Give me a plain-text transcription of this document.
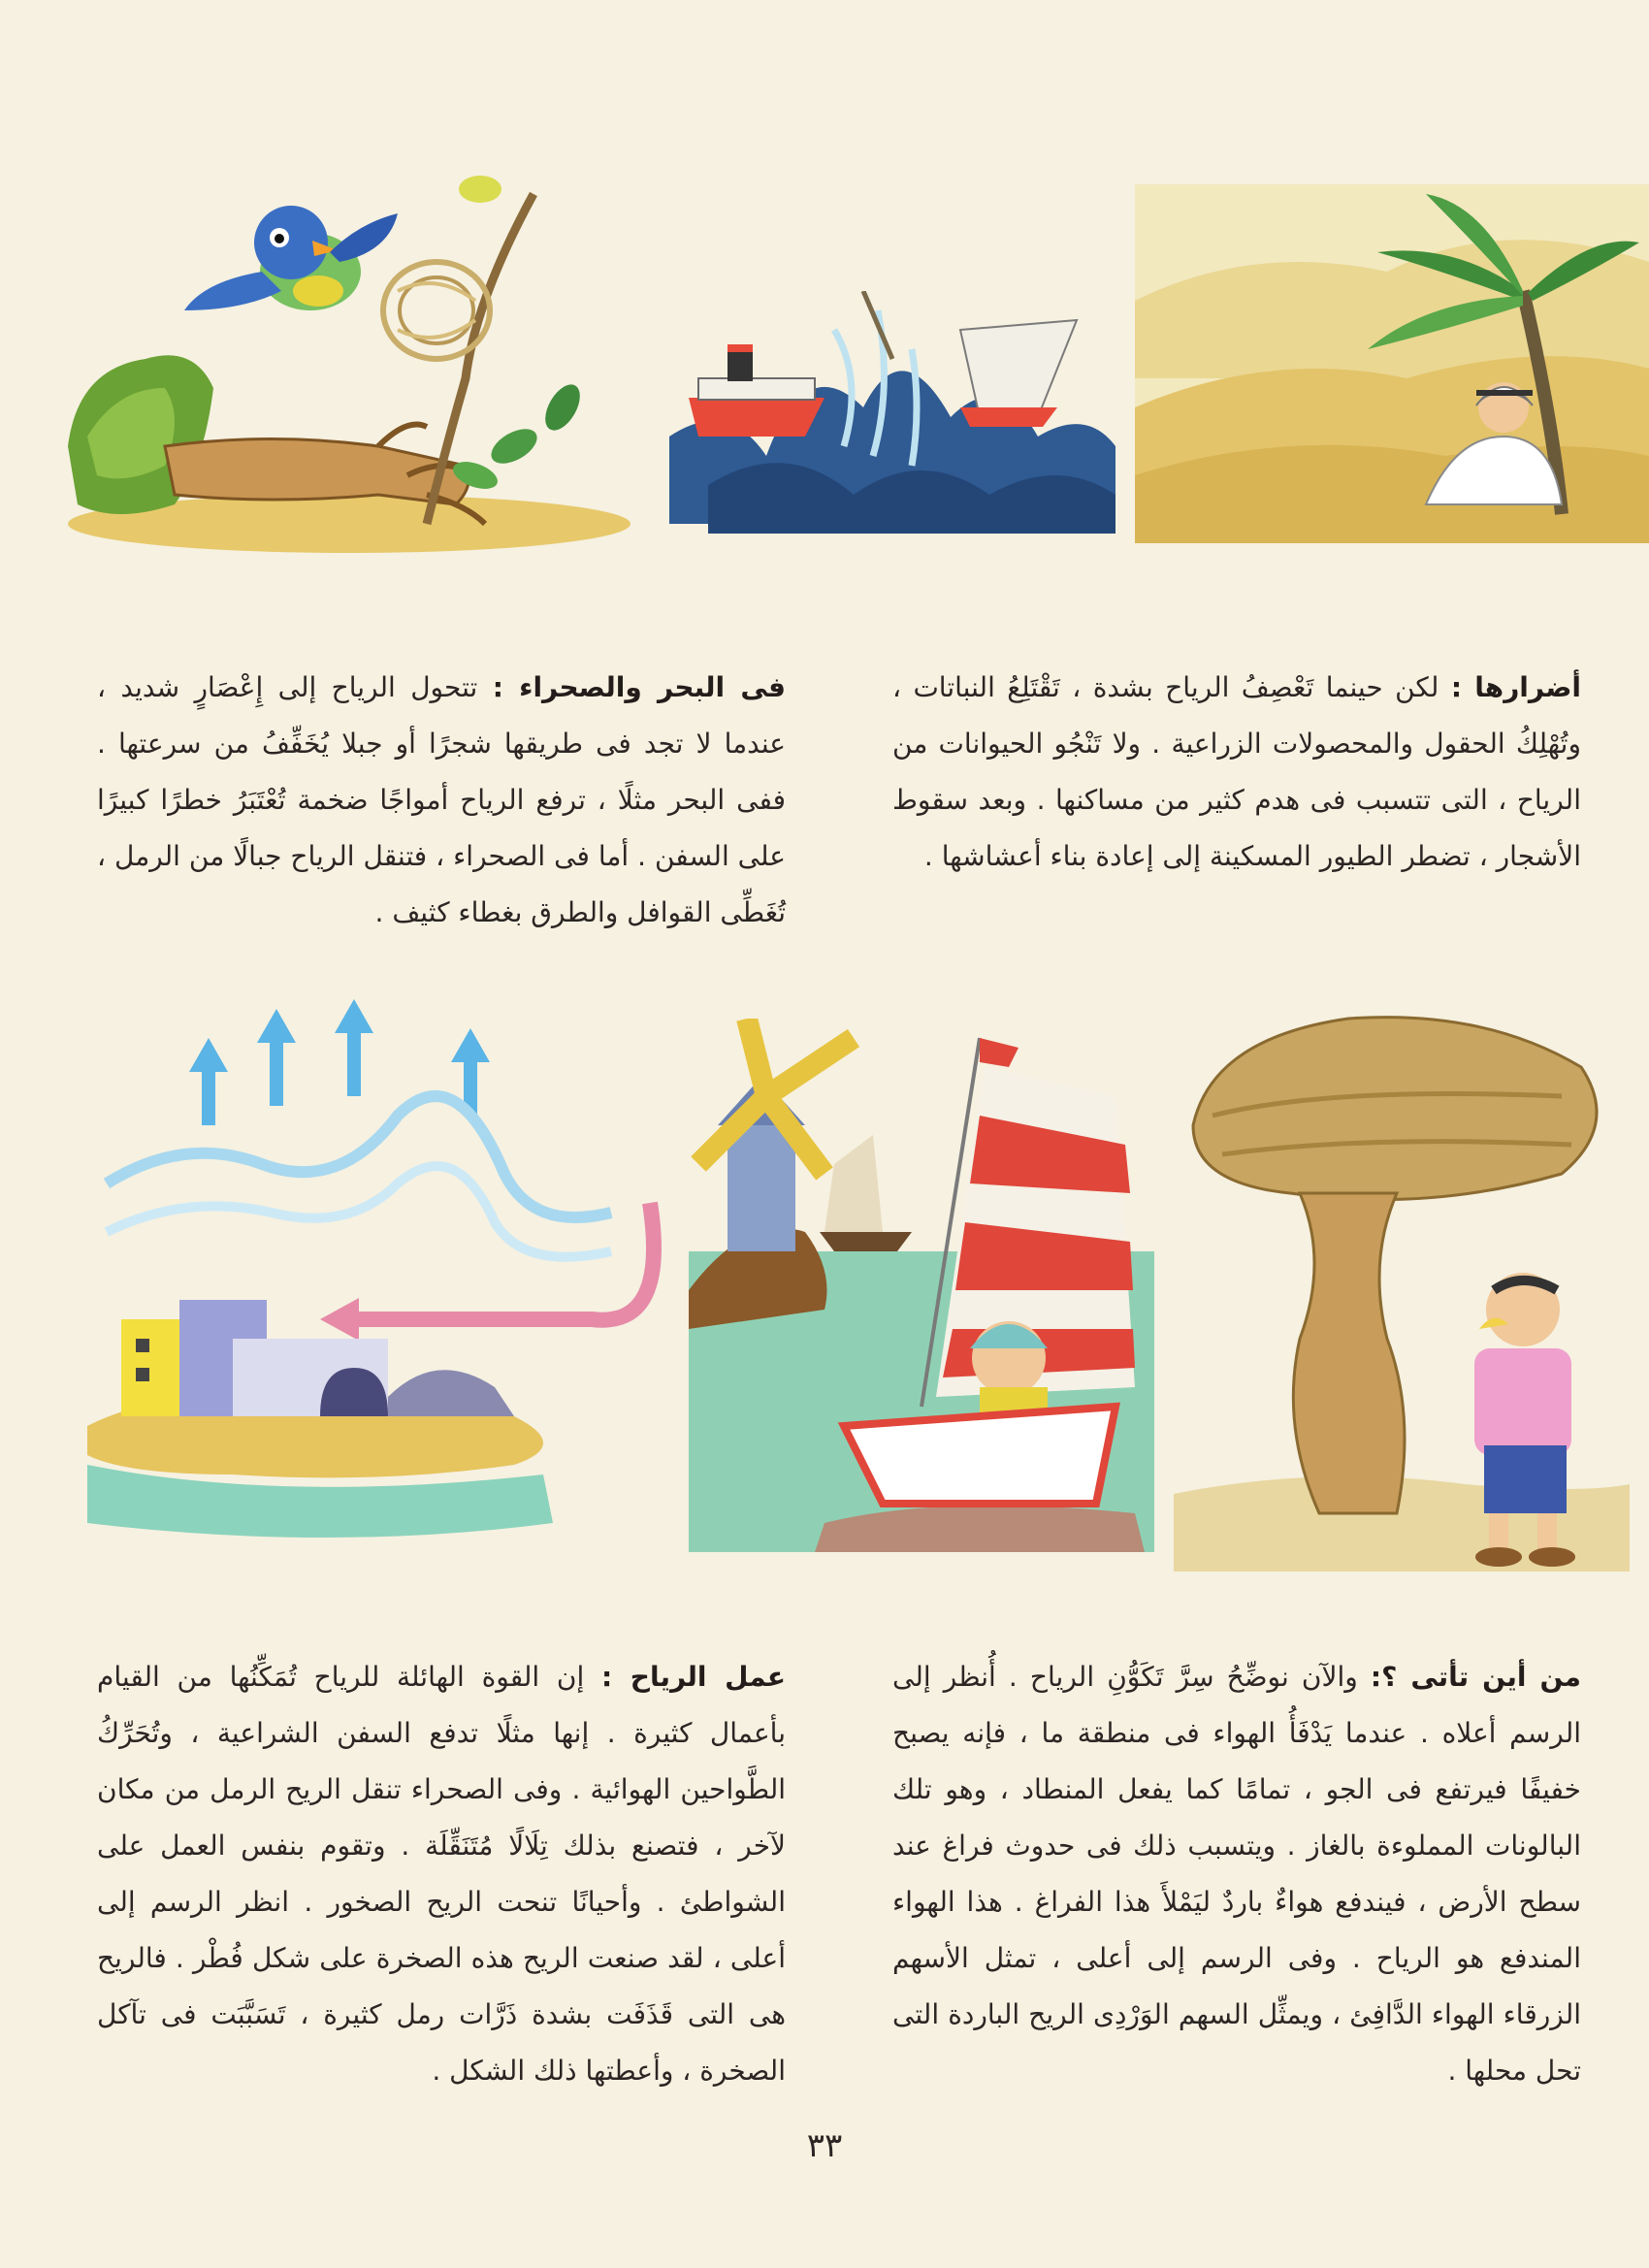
أضرارها : لكن حينما تَعْصِفُ الرياح بشدة ، تَقْتَلِعُ النباتات ، وتُهْلِكُ الحقول والمحصولات الزراعية . ولا تَنْجُو الحيوانات من الرياح ، التى تتسبب فى هدم كثير من مساكنها . وبعد سقوط الأشجار ، تضطر الطيور المسكينة إلى إعادة بناء أعشاشها .
فى البحر والصحراء : تتحول الرياح إلى إِعْصَارٍ شديد ، عندما لا تجد فى طريقها شجرًا أو جبلا يُخَفِّفُ من سرعتها . ففى البحر مثلًا ، ترفع الرياح أمواجًا ضخمة تُعْتَبَرُ خطرًا كبيرًا على السفن . أما فى الصحراء ، فتنقل الرياح جبالًا من الرمل ، تُغَطِّى القوافل والطرق بغطاء كثيف .
من أين تأتى ؟: والآن نوضِّحُ سِرَّ تَكَوُّنِ الرياح . أُنظر إلى الرسم أعلاه . عندما يَدْفَأُ الهواء فى منطقة ما ، فإنه يصبح خفيفًا فيرتفع فى الجو ، تمامًا كما يفعل المنطاد ، وهو تلك البالونات المملوءة بالغاز . ويتسبب ذلك فى حدوث فراغ عند سطح الأرض ، فيندفع هواءٌ باردٌ ليَمْلأَ هذا الفراغ . هذا الهواء المندفع هو الرياح . وفى الرسم إلى أعلى ، تمثل الأسهم الزرقاء الهواء الدَّافِئ ، ويمثِّل السهم الوَرْدِى الريح الباردة التى تحل محلها .
عمل الرياح : إن القوة الهائلة للرياح تُمَكِّنُها من القيام بأعمال كثيرة . إنها مثلًا تدفع السفن الشراعية ، وتُحَرِّكُ الطَّواحين الهوائية . وفى الصحراء تنقل الريح الرمل من مكان لآخر ، فتصنع بذلك تِلَالًا مُتَنَقِّلَة . وتقوم بنفس العمل على الشواطئ . وأحيانًا تنحت الريح الصخور . انظر الرسم إلى أعلى ، لقد صنعت الريح هذه الصخرة على شكل فُطْر . فالريح هى التى قَذَفَت بشدة ذَرَّات رمل كثيرة ، تَسَبَّبَت فى تآكل الصخرة ، وأعطتها ذلك الشكل .
٣٣
